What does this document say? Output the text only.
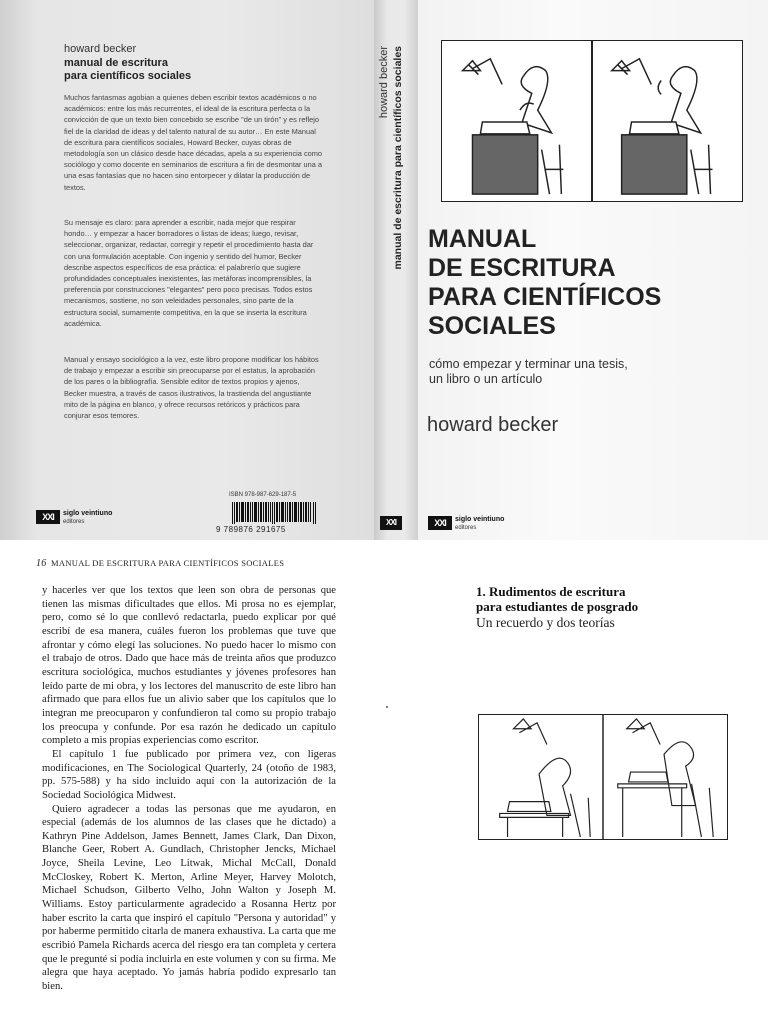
howard becker
manual de escritura
para científicos sociales
Muchos fantasmas agobian a quienes deben escribir textos académicos o no académicos: entre los más recurrentes, el ideal de la escritura perfecta o la convicción de que un texto bien concebido se escribe "de un tirón" y es reflejo fiel de la claridad de ideas y del talento natural de su autor… En este Manual de escritura para científicos sociales, Howard Becker, cuyas obras de metodología son un clásico desde hace décadas, apela a su experiencia como sociólogo y como docente en seminarios de escritura a fin de desmontar una a una esas fantasías que no hacen sino entorpecer y dilatar la producción de textos.
Su mensaje es claro: para aprender a escribir, nada mejor que respirar hondo… y empezar a hacer borradores o listas de ideas; luego, revisar, seleccionar, organizar, redactar, corregir y repetir el procedimiento hasta dar con una formulación aceptable. Con ingenio y sentido del humor, Becker describe aspectos específicos de esa práctica: el palabrerío que sugiere profundidades conceptuales inexistentes, las metáforas incomprensibles, la preferencia por construcciones "elegantes" pero poco precisas. Todos estos mecanismos, sostiene, no son veleidades personales, sino parte de la estructura social, sumamente competitiva, en la que se inserta la escritura académica.
Manual y ensayo sociológico a la vez, este libro propone modificar los hábitos de trabajo y empezar a escribir sin preocuparse por el estatus, la aprobación de los pares o la bibliografía. Sensible editor de textos propios y ajenos, Becker muestra, a través de casos ilustrativos, la trastienda del angustiante mito de la página en blanco, y ofrece recursos retóricos y prácticos para conjurar esos temores.
ISBN 978-987-629-187-5
9 789876 291675
XXI	siglo veintiuno
editores
howard becker manual de escritura para científicos sociales
XXI
MANUAL
DE ESCRITURA
PARA CIENTÍFICOS
SOCIALES
cómo empezar y terminar una tesis,
un libro o un artículo
howard becker
XXI	siglo veintiuno
editores
16 MANUAL DE ESCRITURA PARA CIENTÍFICOS SOCIALES

y hacerles ver que los textos que leen son obra de personas que tienen las mismas dificultades que ellos. Mi prosa no es ejemplar, pero, como sé lo que conllevó redactarla, puedo explicar por qué escribí de esa manera, cuáles fueron los problemas que tuve que afrontar y cómo elegí las soluciones. No puedo hacer lo mismo con el trabajo de otros. Dado que hace más de treinta años que produzco escritura sociológica, muchos estudiantes y jóvenes profesores han leído parte de mi obra, y los lectores del manuscrito de este libro han afirmado que para ellos fue un alivio saber que los capítulos que lo integran me preocuparon y confundieron tal como su propio trabajo los preocupa y confunde. Por esa razón he dedicado un capítulo completo a mis propias experiencias como escritor.

El capítulo 1 fue publicado por primera vez, con ligeras modificaciones, en The Sociological Quarterly, 24 (otoño de 1983, pp. 575-588) y ha sido incluido aquí con la autorización de la Sociedad Sociológica Midwest.

Quiero agradecer a todas las personas que me ayudaron, en especial (además de los alumnos de las clases que he dictado) a Kathryn Pine Addelson, James Bennett, James Clark, Dan Dixon, Blanche Geer, Robert A. Gundlach, Christopher Jencks, Michael Joyce, Sheila Levine, Leo Litwak, Michal McCall, Donald McCloskey, Robert K. Merton, Arline Meyer, Harvey Molotch, Michael Schudson, Gilberto Velho, John Walton y Joseph M. Williams. Estoy particularmente agradecido a Rosanna Hertz por haber escrito la carta que inspiró el capítulo "Persona y autoridad" y por haberme permitido citarla de manera exhaustiva. La carta que me escribió Pamela Richards acerca del riesgo era tan completa y certera que le pregunté si podía incluirla en este volumen y con su firma. Me alegra que haya aceptado. Yo jamás habría podido expresarlo tan bien.

1. Rudimentos de escritura
para estudiantes de posgrado
Un recuerdo y dos teorías
